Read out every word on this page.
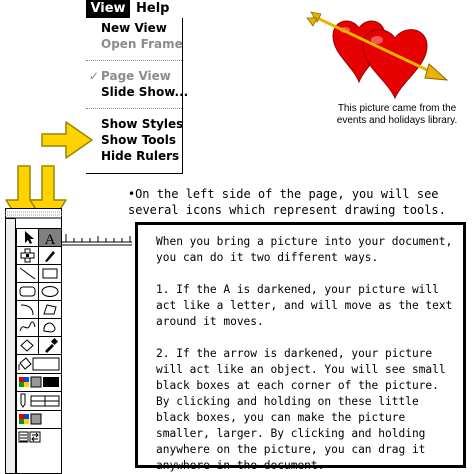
View Help
New View
Open Frame
✓ Page View
Slide Show...
Show Styles
Show Tools
Hide Rulers
This picture came from the events and holidays library.
A
•On the left side of the page, you will see several icons which represent drawing tools.

When you bring a picture into your document, you can do it two different ways.

1. If the A is darkened, your picture will act like a letter, and will move as the text around it moves.

2. If the arrow is darkened, your picture will act like an object. You will see small black boxes at each corner of the picture. By clicking and holding on these little black boxes, you can make the picture smaller, larger. By clicking and holding anywhere on the picture, you can drag it anywhere in the document.
